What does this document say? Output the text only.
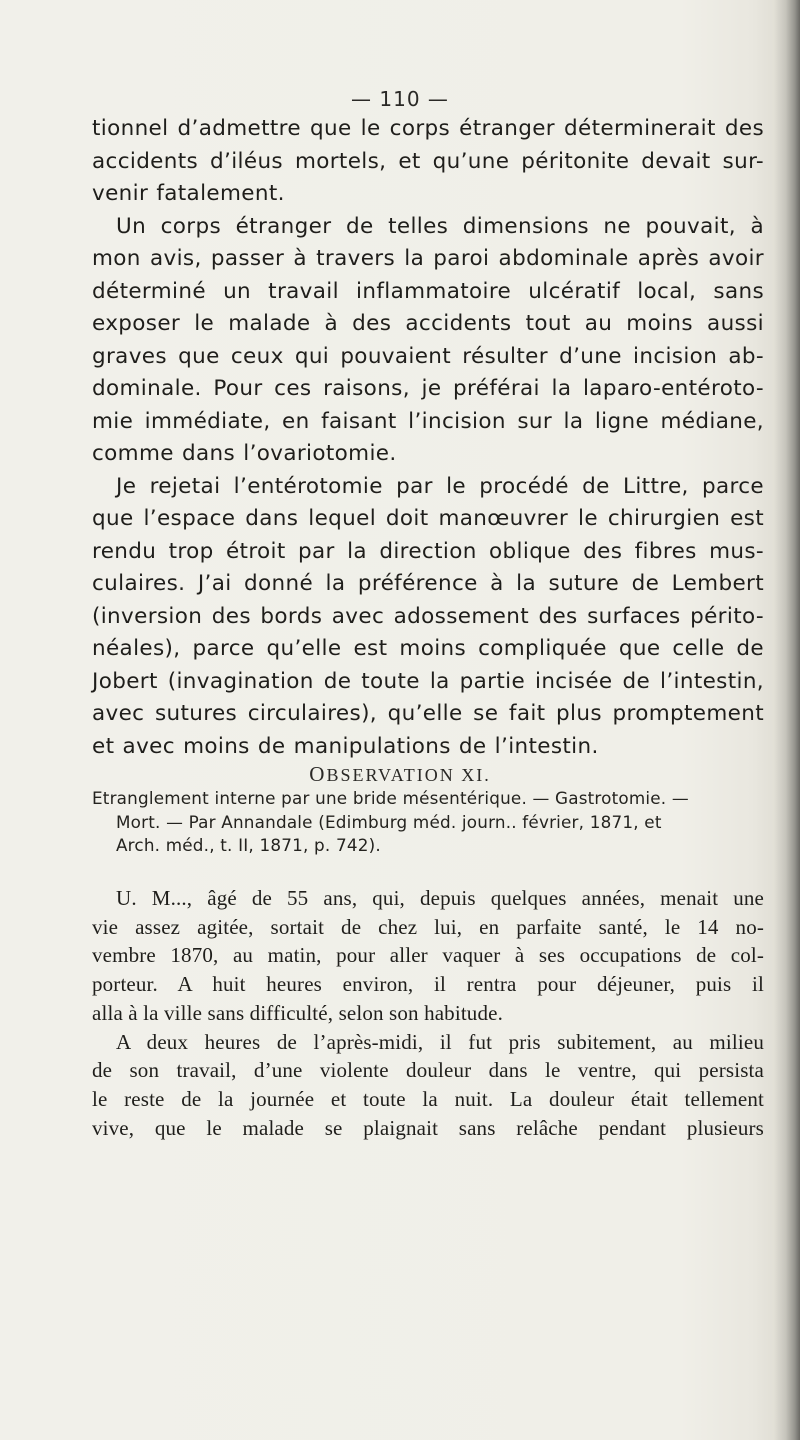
— 110 —
tionnel d’admettre que le corps étranger déterminerait des
accidents d’iléus mortels, et qu’une péritonite devait sur-
venir fatalement.
Un corps étranger de telles dimensions ne pouvait, à
mon avis, passer à travers la paroi abdominale après avoir
déterminé un travail inflammatoire ulcératif local, sans
exposer le malade à des accidents tout au moins aussi
graves que ceux qui pouvaient résulter d’une incision ab-
dominale. Pour ces raisons, je préférai la laparo-entéroto-
mie immédiate, en faisant l’incision sur la ligne médiane,
comme dans l’ovariotomie.
Je rejetai l’entérotomie par le procédé de Littre, parce
que l’espace dans lequel doit manœuvrer le chirurgien est
rendu trop étroit par la direction oblique des fibres mus-
culaires. J’ai donné la préférence à la suture de Lembert
(inversion des bords avec adossement des surfaces périto-
néales), parce qu’elle est moins compliquée que celle de
Jobert (invagination de toute la partie incisée de l’intestin,
avec sutures circulaires), qu’elle se fait plus promptement
et avec moins de manipulations de l’intestin.
OBSERVATION XI.
Etranglement interne par une bride mésentérique. — Gastrotomie. —
Mort. — Par Annandale (Edimburg méd. journ.. février, 1871, et
Arch. méd., t. II, 1871, p. 742).
U. M..., âgé de 55 ans, qui, depuis quelques années, menait une
vie assez agitée, sortait de chez lui, en parfaite santé, le 14 no-
vembre 1870, au matin, pour aller vaquer à ses occupations de col-
porteur. A huit heures environ, il rentra pour déjeuner, puis il
alla à la ville sans difficulté, selon son habitude.
A deux heures de l’après-midi, il fut pris subitement, au milieu
de son travail, d’une violente douleur dans le ventre, qui persista
le reste de la journée et toute la nuit. La douleur était tellement
vive, que le malade se plaignait sans relâche pendant plusieurs
